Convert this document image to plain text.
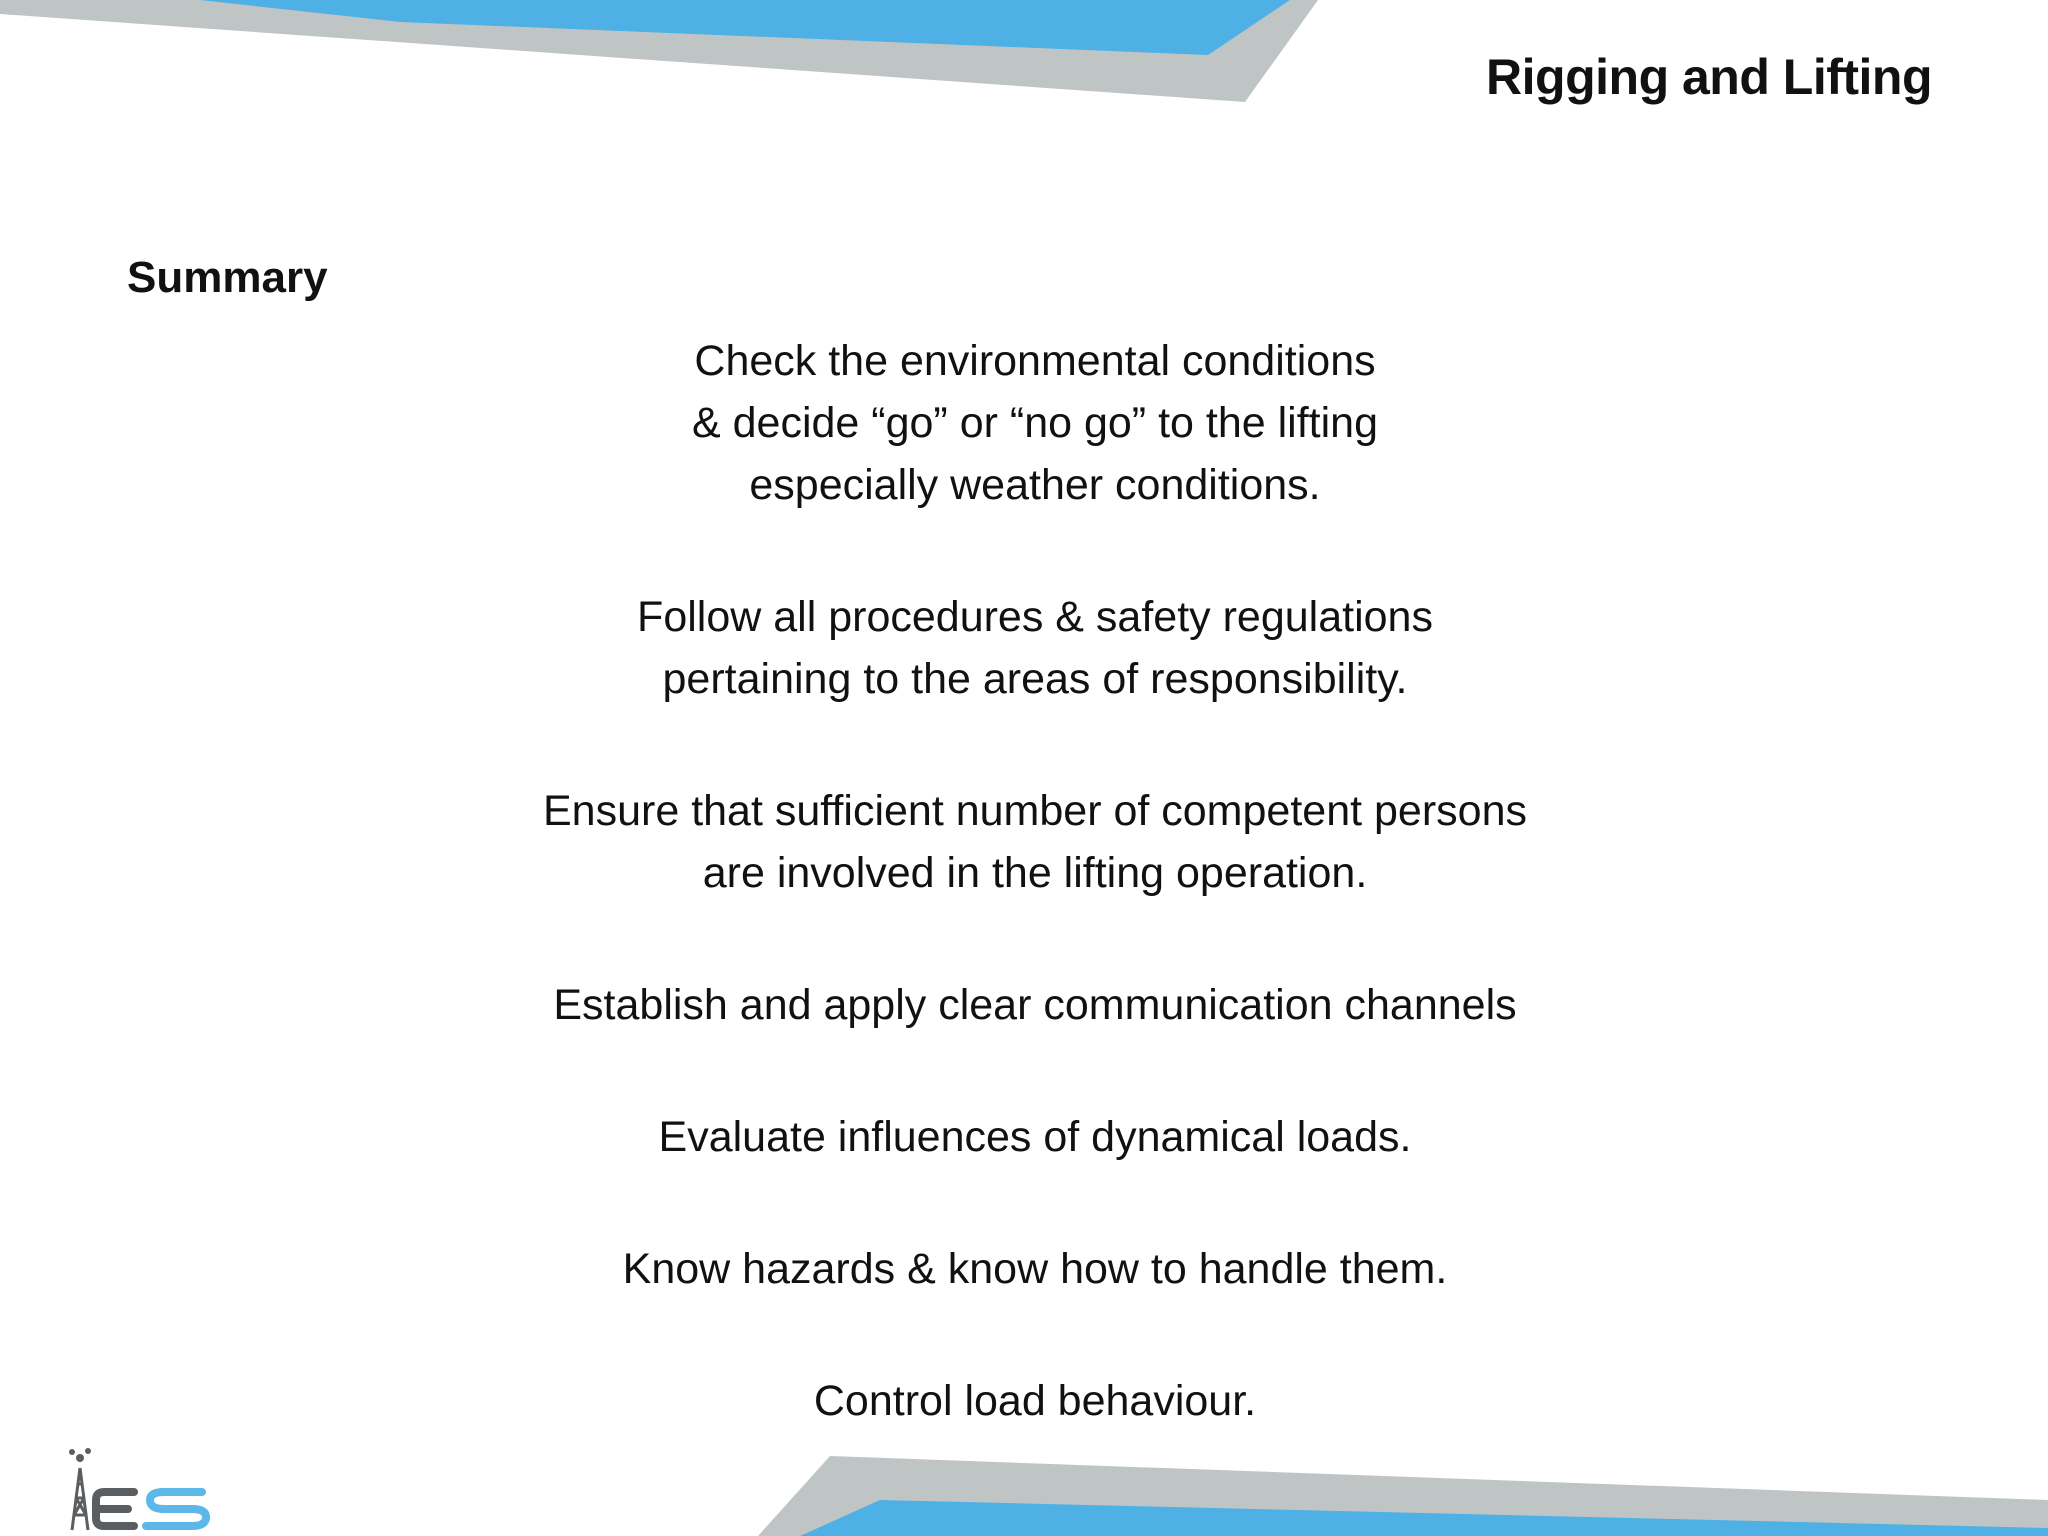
Rigging and Lifting
Summary
Check the environmental conditions
& decide “go” or “no go” to the lifting
especially weather conditions.
Follow all procedures & safety regulations
pertaining to the areas of responsibility.
Ensure that sufficient number of competent persons
are involved in the lifting operation.
Establish and apply clear communication channels
Evaluate influences of dynamical loads.
Know hazards & know how to handle them.
Control load behaviour.
ES
